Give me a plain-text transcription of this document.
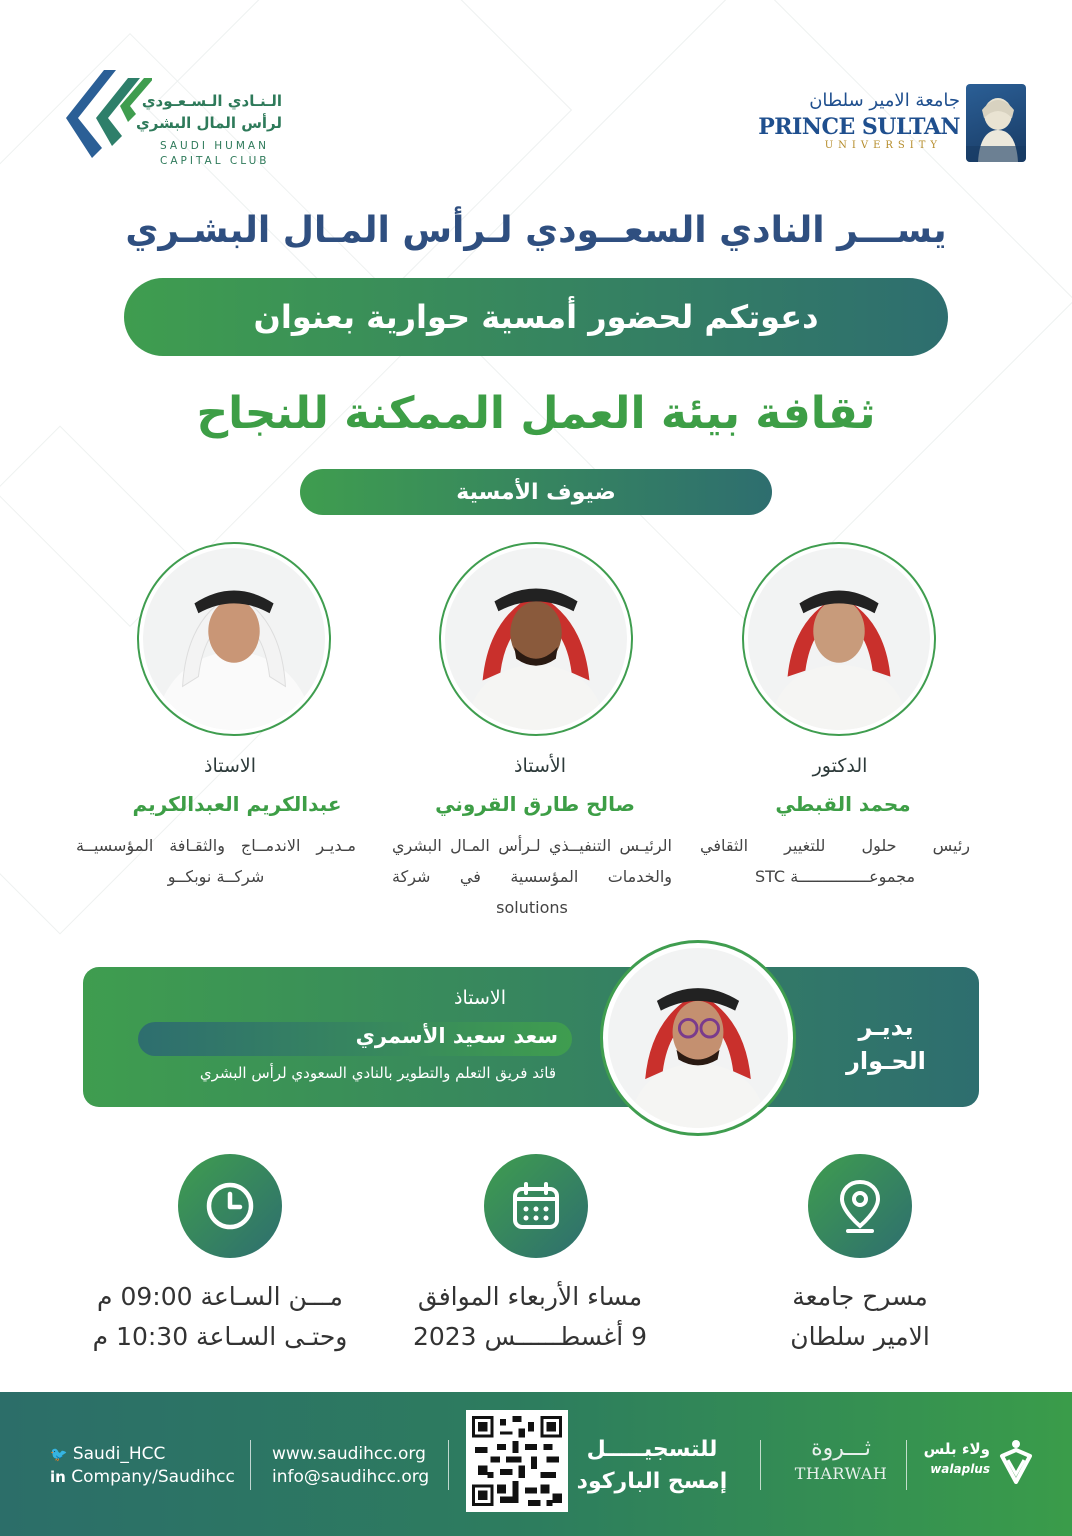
الـنـادي الـسـعـودي
لرأس المال البشري
SAUDI HUMAN
CAPITAL CLUB
جامعة الامير سلطان
PRINCE SULTAN
UNIVERSITY
يســـر النادي السعــودي لـرأس المـال البشـري
دعوتكم لحضور أمسية حوارية بعنوان
ثقافة بيئة العمل الممكنة للنجاح
ضيوف الأمسية
الدكتور
محمد القبطي
رئيس حلول للتغيير الثقافي مجموعـــــــــــــــة STC
الأستاذ
صالح طارق القروني
الرئيـس التنفيــذي لـرأس المـال البشري والخدمات المؤسسية في شركة solutions
الاستاذ
عبدالكريم العبدالكريم
مـديـر الاندمــاج والثقـافة المؤسسيــة شركــة نوبكــو
يديـر
الحـوار
الاستاذ
سعد سعيد الأسمري
قائد فريق التعلم والتطوير بالنادي السعودي لرأس البشري
مسرح جامعة
الامير سلطان
مساء الأربعاء الموافق
9 أغسطــــــس 2023
مـــن السـاعة 09:00 م
وحتـى السـاعة 10:30 م
🐦 Saudi_HCC
in Company/Saudihcc
www.saudihcc.org
info@saudihcc.org
للتسجيـــــل
إمسح الباركود
ثـــروة
THARWAH
ولاء بلس
walaplus
